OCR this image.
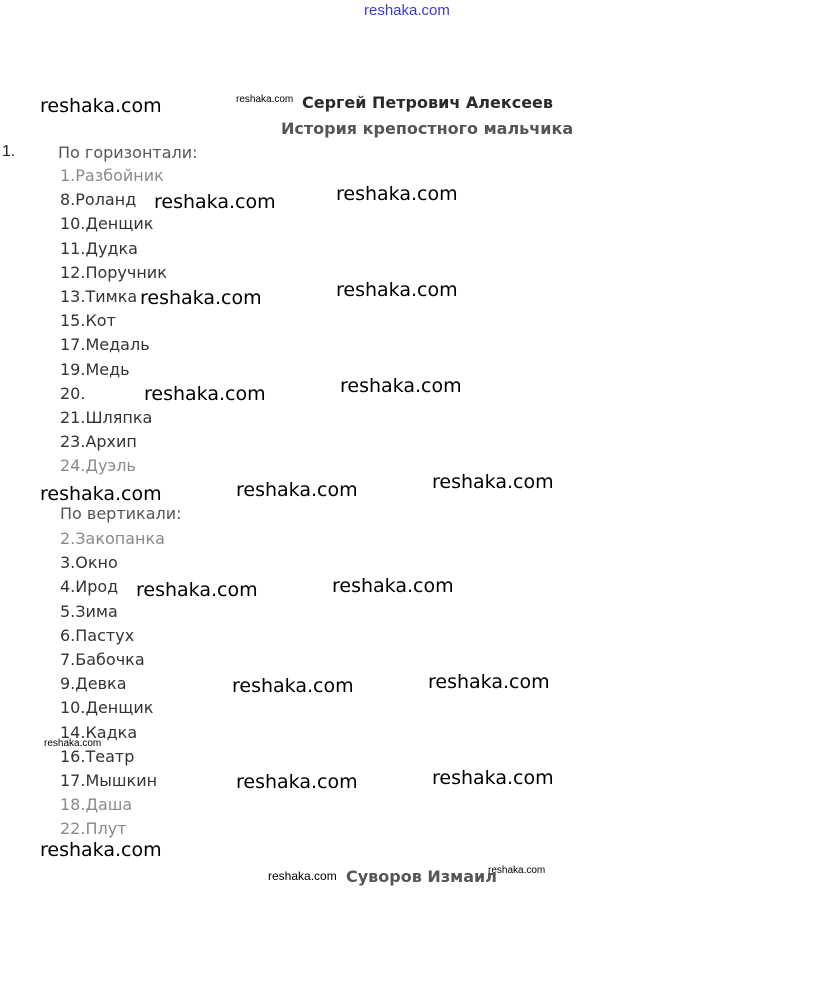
reshaka.com
Сергей Петрович Алексеев
История крепостного мальчика
1.	По горизонтали:
1.Разбойник
8.Роланд
10.Денщик
11.Дудка
12.Поручник
13.Тимка
15.Кот
17.Медаль
19.Медь
20.
21.Шляпка
23.Архип
24.Дуэль
По вертикали:
2.Закопанка
3.Окно
4.Ирод
5.Зима
6.Пастух
7.Бабочка
9.Девка
10.Денщик
14.Кадка
16.Театр
17.Мышкин
18.Даша
22.Плут
Суворов Измаил
reshaka.com	reshaka.com
reshaka.com	reshaka.com
reshaka.com	reshaka.com
reshaka.com	reshaka.com
reshaka.com	reshaka.com	reshaka.com
reshaka.com	reshaka.com
reshaka.com	reshaka.com
reshaka.com
reshaka.com	reshaka.com
reshaka.com
reshaka.com	reshaka.com
